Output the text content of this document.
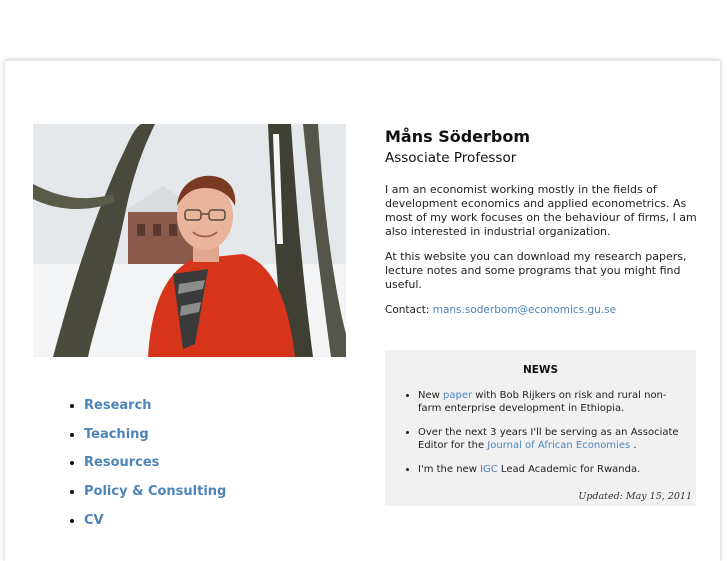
• Research
• Teaching
• Resources
• Policy & Consulting
• CV
Måns Söderbom
Associate Professor

I am an economist working mostly in the fields of development economics and applied econometrics. As most of my work focuses on the behaviour of firms, I am also interested in industrial organization.

At this website you can download my research papers, lecture notes and some programs that you might find useful.

Contact: mans.soderbom@economics.gu.se
NEWS
• New paper with Bob Rijkers on risk and rural non-farm enterprise development in Ethiopia.
• Over the next 3 years I'll be serving as an Associate Editor for the Journal of African Economies .
• I'm the new IGC Lead Academic for Rwanda.
Updated: May 15, 2011
